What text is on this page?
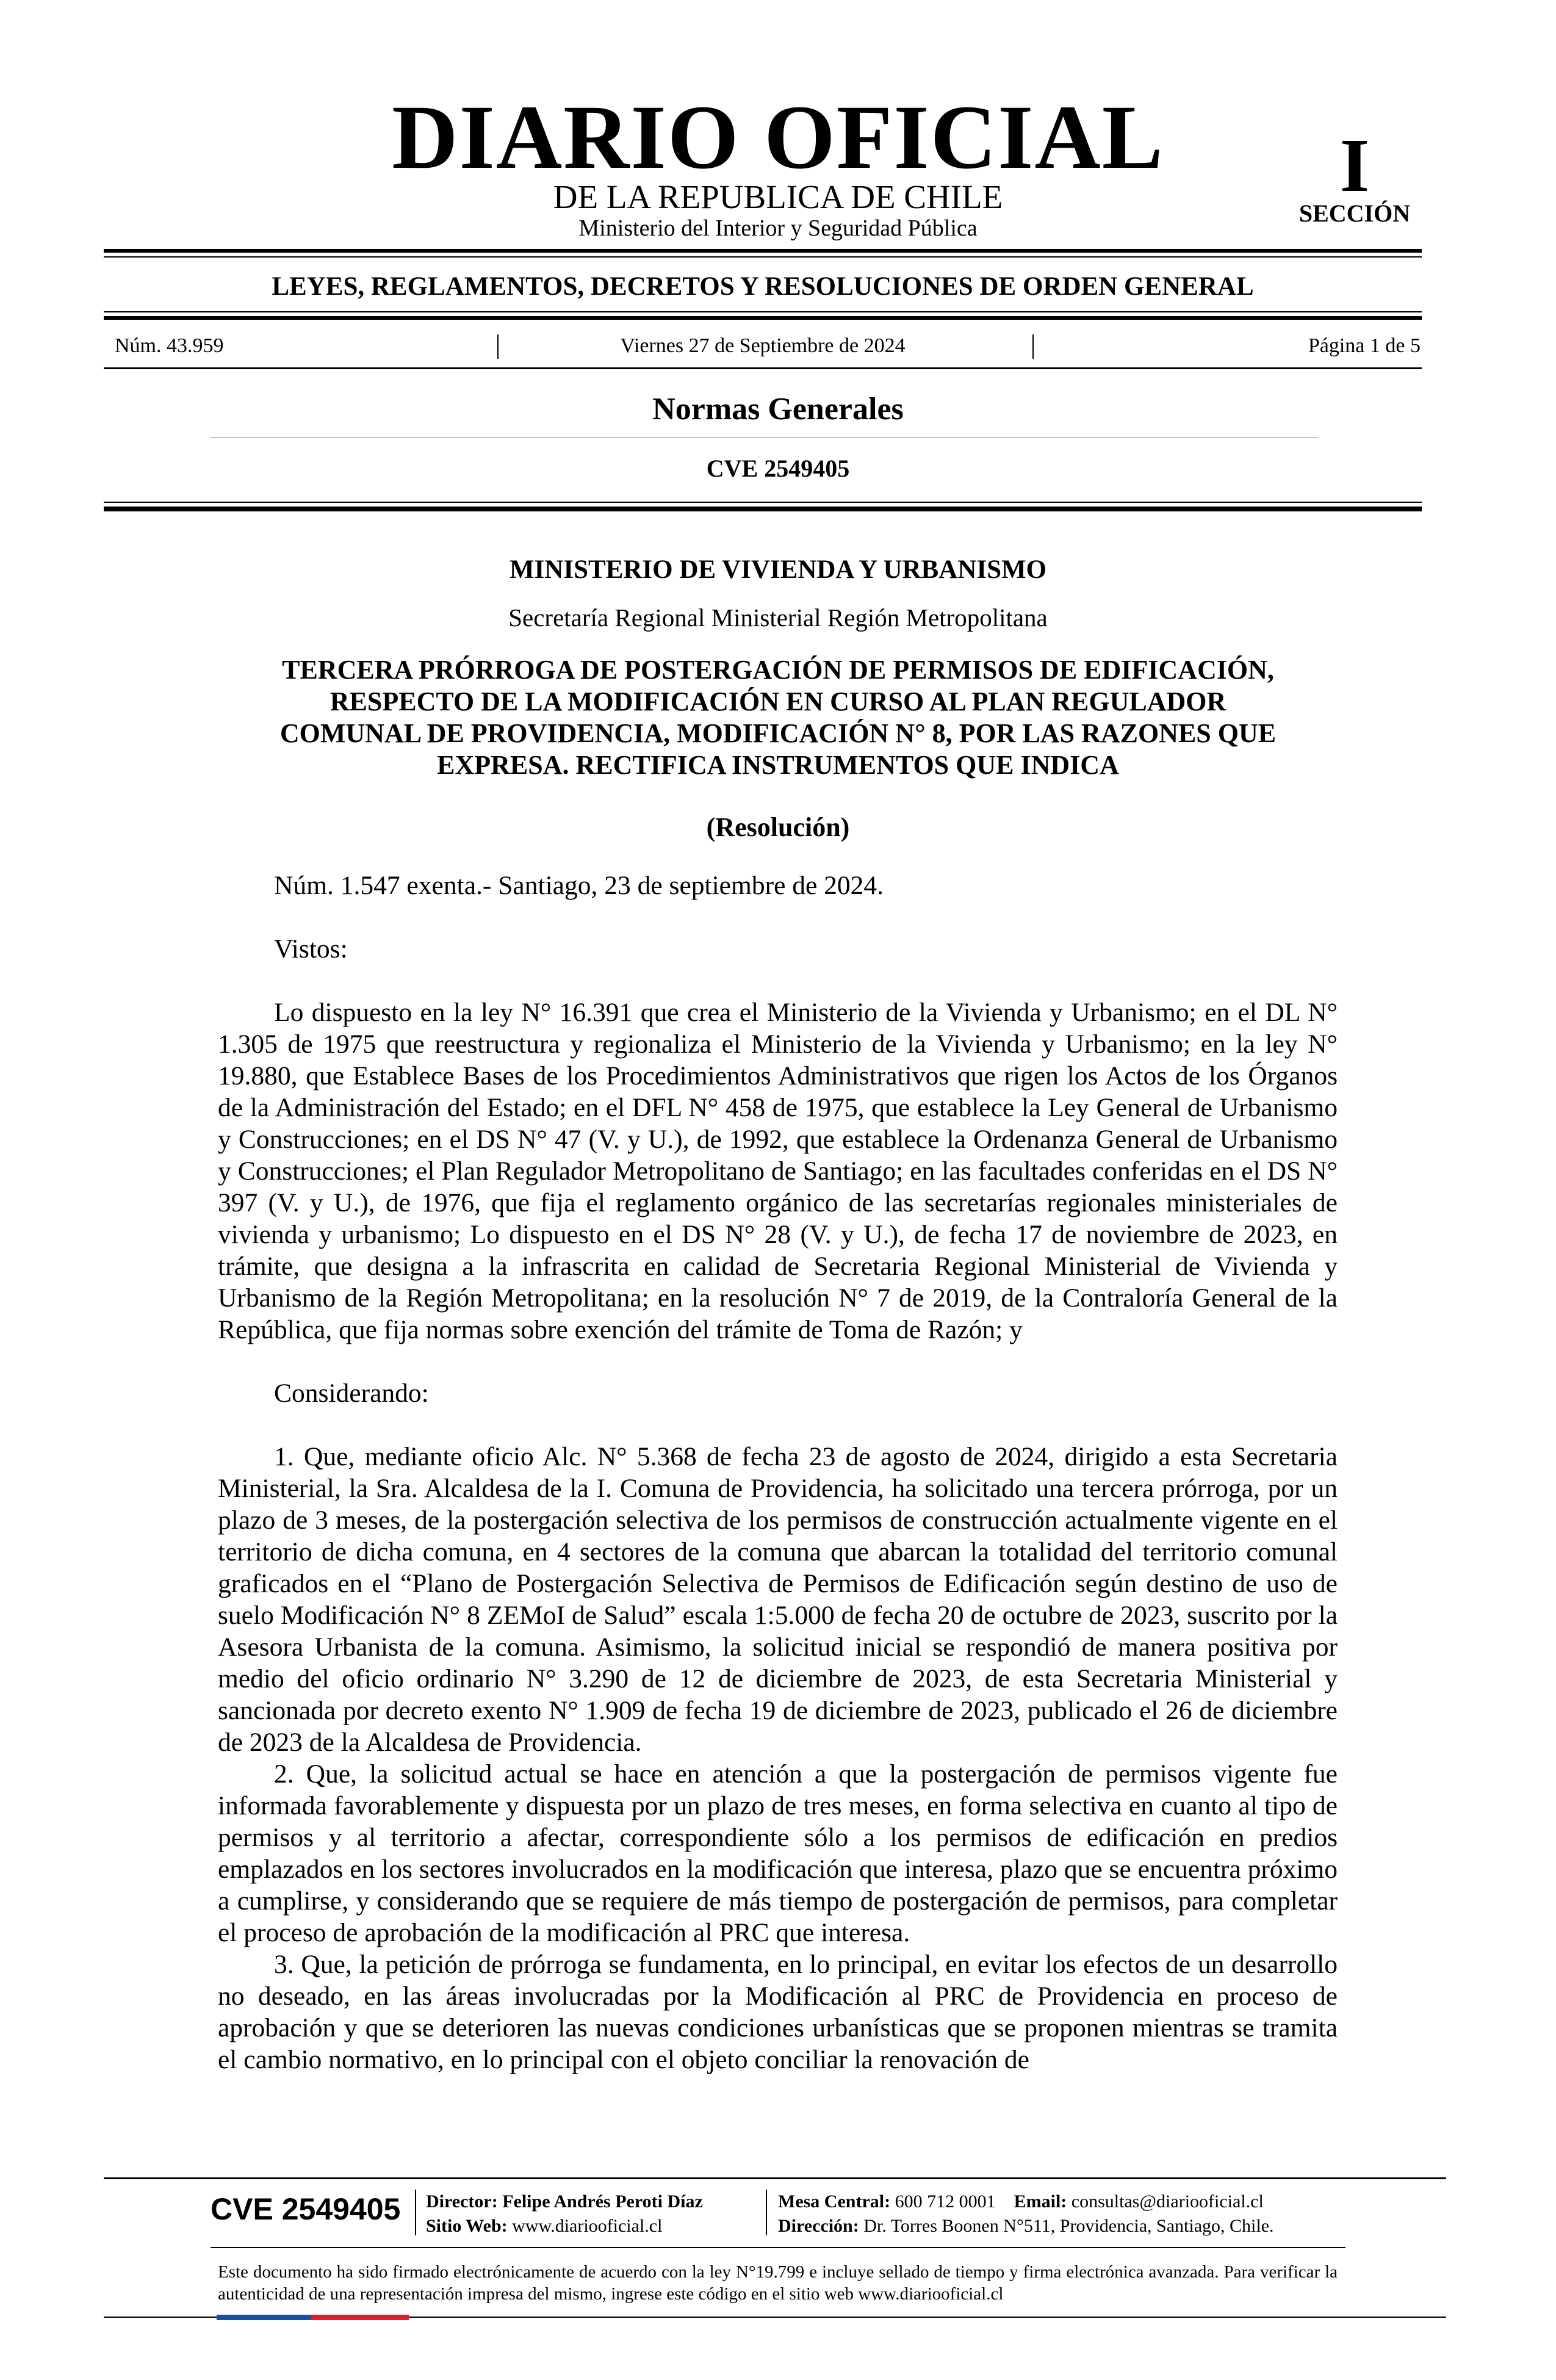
DIARIO OFICIAL
DE LA REPUBLICA DE CHILE
Ministerio del Interior y Seguridad Pública
I
SECCIÓN
LEYES, REGLAMENTOS, DECRETOS Y RESOLUCIONES DE ORDEN GENERAL
Núm. 43.959	Viernes 27 de Septiembre de 2024	Página 1 de 5
Normas Generales
CVE 2549405
MINISTERIO DE VIVIENDA Y URBANISMO
Secretaría Regional Ministerial Región Metropolitana
TERCERA PRÓRROGA DE POSTERGACIÓN DE PERMISOS DE EDIFICACIÓN,
RESPECTO DE LA MODIFICACIÓN EN CURSO AL PLAN REGULADOR
COMUNAL DE PROVIDENCIA, MODIFICACIÓN N° 8, POR LAS RAZONES QUE
EXPRESA. RECTIFICA INSTRUMENTOS QUE INDICA
(Resolución)

Núm. 1.547 exenta.- Santiago, 23 de septiembre de 2024.

Vistos:

Lo dispuesto en la ley N° 16.391 que crea el Ministerio de la Vivienda y Urbanismo; en el DL N° 1.305 de 1975 que reestructura y regionaliza el Ministerio de la Vivienda y Urbanismo; en la ley N° 19.880, que Establece Bases de los Procedimientos Administrativos que rigen los Actos de los Órganos de la Administración del Estado; en el DFL N° 458 de 1975, que establece la Ley General de Urbanismo y Construcciones; en el DS N° 47 (V. y U.), de 1992, que establece la Ordenanza General de Urbanismo y Construcciones; el Plan Regulador Metropolitano de Santiago; en las facultades conferidas en el DS N° 397 (V. y U.), de 1976, que fija el reglamento orgánico de las secretarías regionales ministeriales de vivienda y urbanismo; Lo dispuesto en el DS N° 28 (V. y U.), de fecha 17 de noviembre de 2023, en trámite, que designa a la infrascrita en calidad de Secretaria Regional Ministerial de Vivienda y Urbanismo de la Región Metropolitana; en la resolución N° 7 de 2019, de la Contraloría General de la República, que fija normas sobre exención del trámite de Toma de Razón; y

Considerando:

1. Que, mediante oficio Alc. N° 5.368 de fecha 23 de agosto de 2024, dirigido a esta Secretaria Ministerial, la Sra. Alcaldesa de la I. Comuna de Providencia, ha solicitado una tercera prórroga, por un plazo de 3 meses, de la postergación selectiva de los permisos de construcción actualmente vigente en el territorio de dicha comuna, en 4 sectores de la comuna que abarcan la totalidad del territorio comunal graficados en el “Plano de Postergación Selectiva de Permisos de Edificación según destino de uso de suelo Modificación N° 8 ZEMoI de Salud” escala 1:5.000 de fecha 20 de octubre de 2023, suscrito por la Asesora Urbanista de la comuna. Asimismo, la solicitud inicial se respondió de manera positiva por medio del oficio ordinario N° 3.290 de 12 de diciembre de 2023, de esta Secretaria Ministerial y sancionada por decreto exento N° 1.909 de fecha 19 de diciembre de 2023, publicado el 26 de diciembre de 2023 de la Alcaldesa de Providencia.

2. Que, la solicitud actual se hace en atención a que la postergación de permisos vigente fue informada favorablemente y dispuesta por un plazo de tres meses, en forma selectiva en cuanto al tipo de permisos y al territorio a afectar, correspondiente sólo a los permisos de edificación en predios emplazados en los sectores involucrados en la modificación que interesa, plazo que se encuentra próximo a cumplirse, y considerando que se requiere de más tiempo de postergación de permisos, para completar el proceso de aprobación de la modificación al PRC que interesa.

3. Que, la petición de prórroga se fundamenta, en lo principal, en evitar los efectos de un desarrollo no deseado, en las áreas involucradas por la Modificación al PRC de Providencia en proceso de aprobación y que se deterioren las nuevas condiciones urbanísticas que se proponen mientras se tramita el cambio normativo, en lo principal con el objeto conciliar la renovación de

CVE 2549405 Director: Felipe Andrés Peroti Díaz
Sitio Web: www.diariooficial.cl
Mesa Central: 600 712 0001 Email: consultas@diariooficial.cl
Dirección: Dr. Torres Boonen N°511, Providencia, Santiago, Chile.
Este documento ha sido firmado electrónicamente de acuerdo con la ley N°19.799 e incluye sellado de tiempo y firma electrónica avanzada. Para verificar la autenticidad de una representación impresa del mismo, ingrese este código en el sitio web www.diariooficial.cl
